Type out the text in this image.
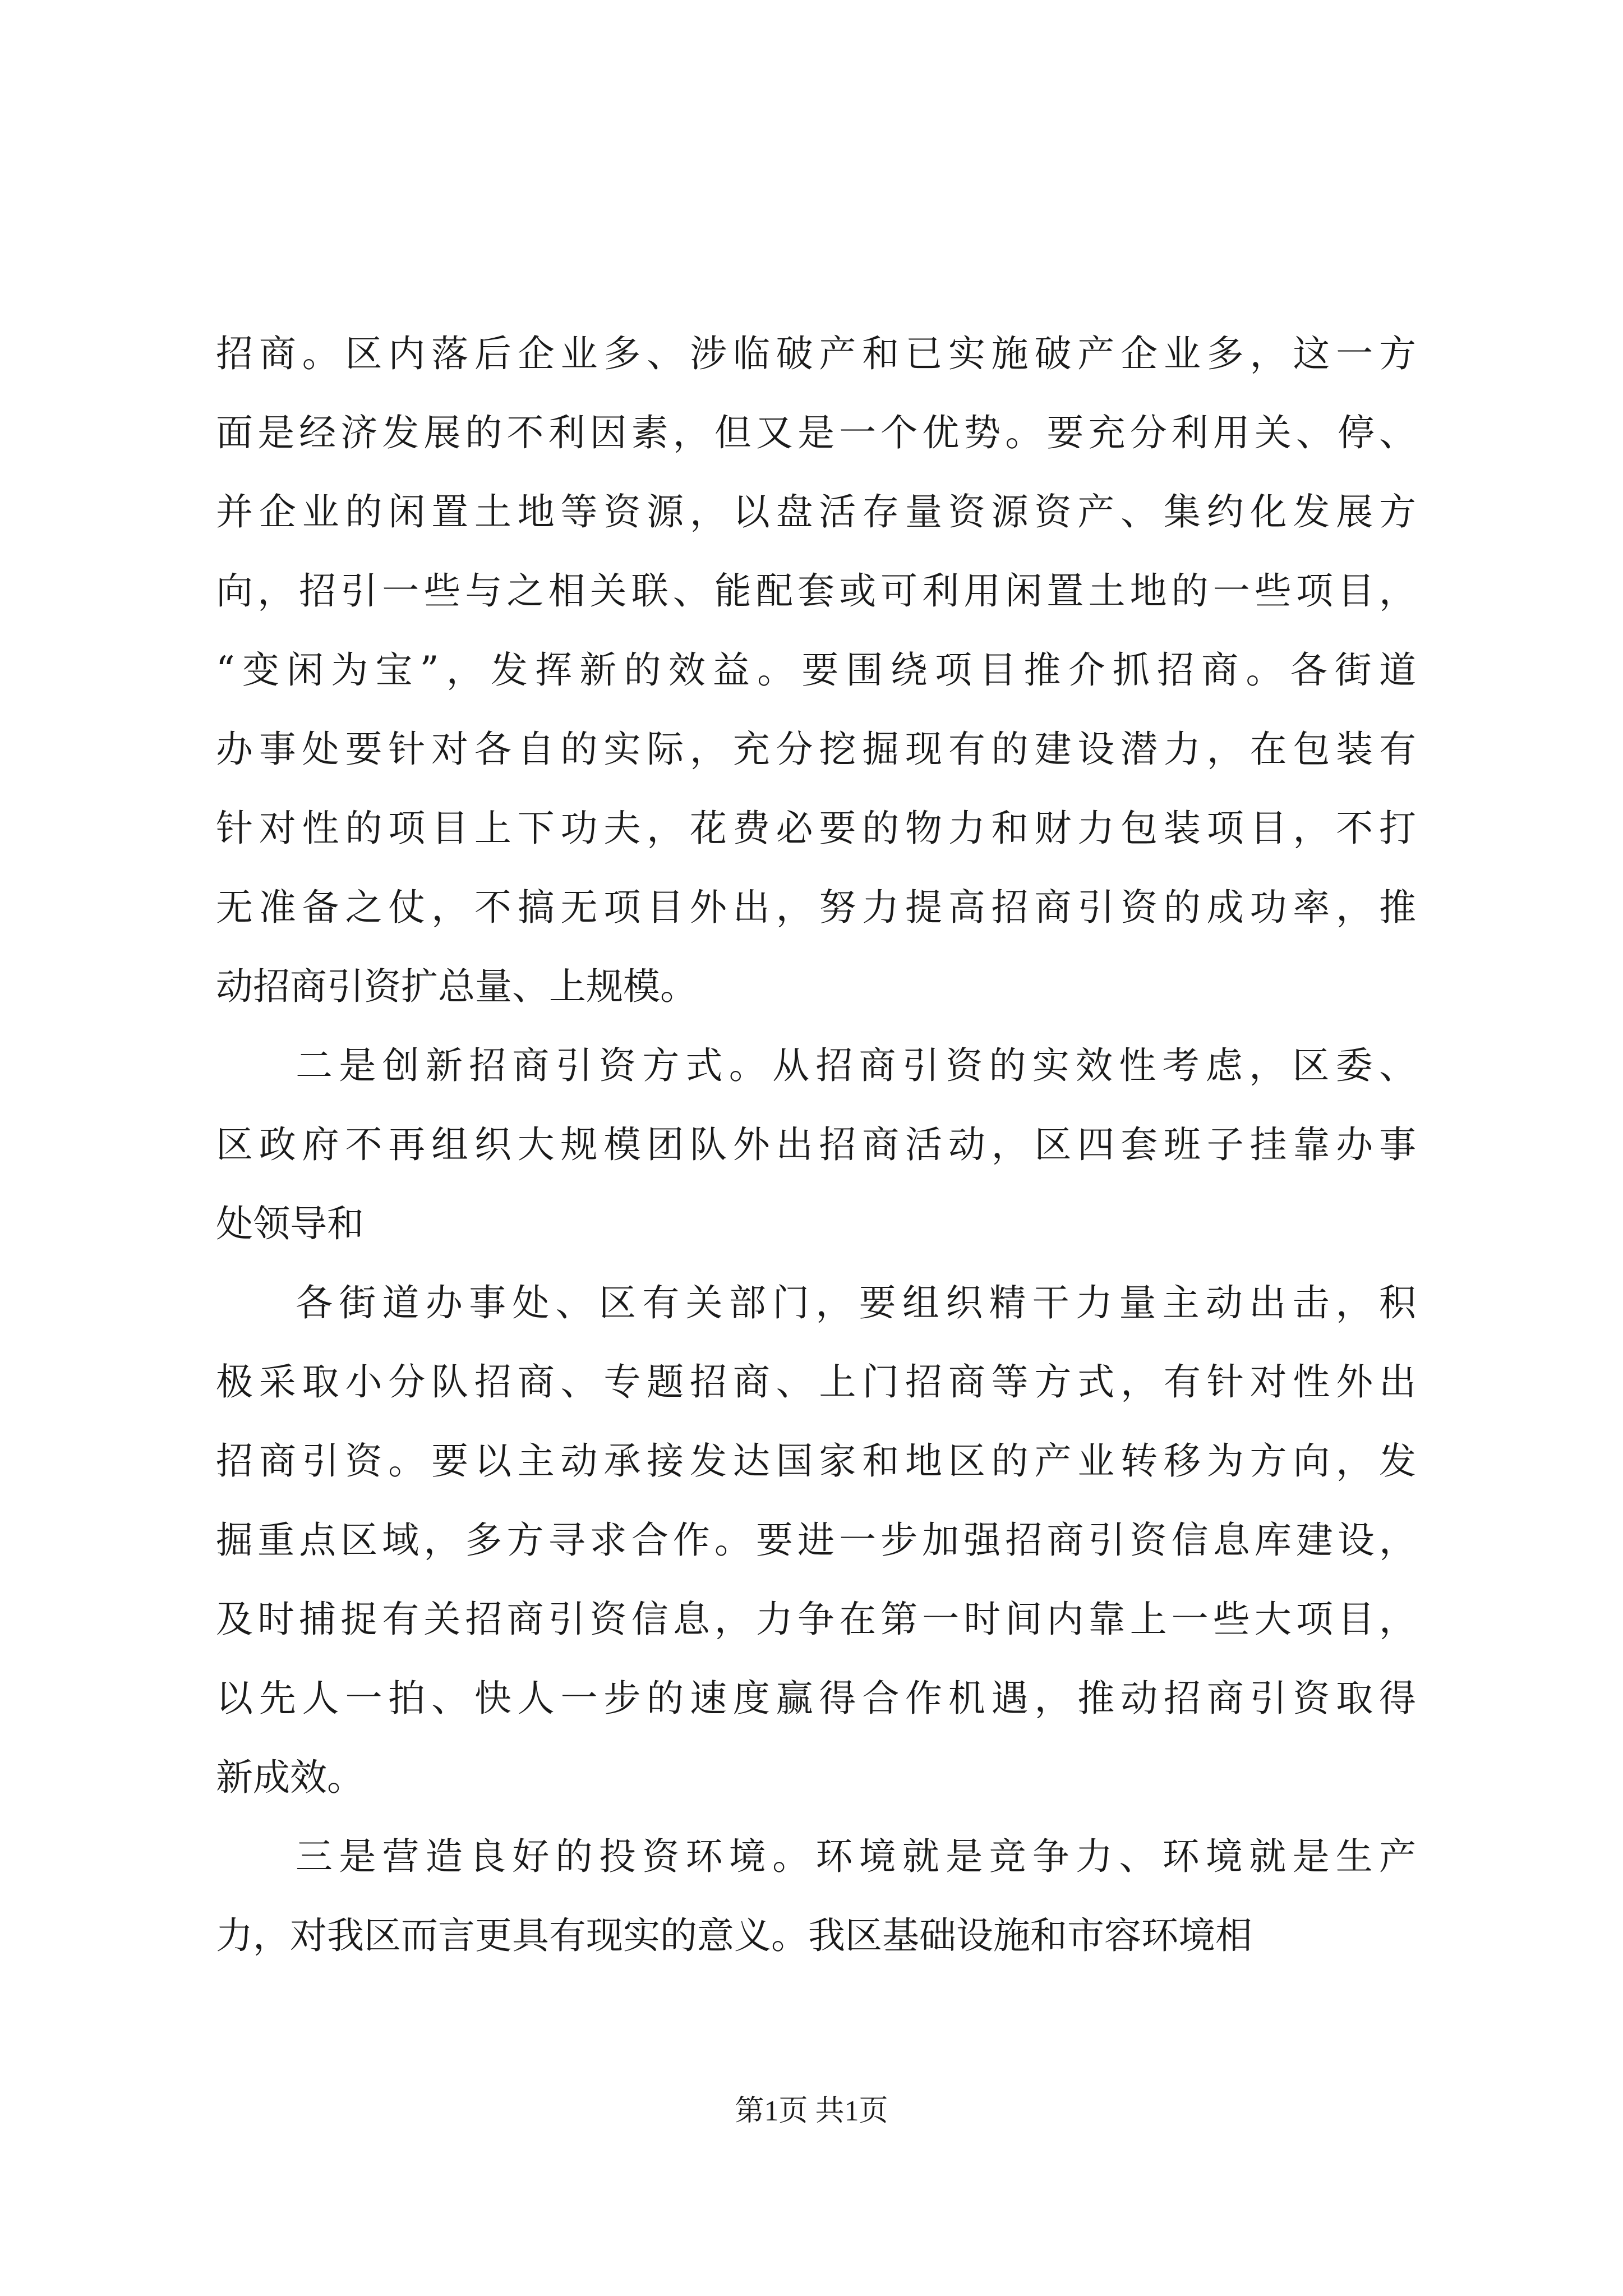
招商。区内落后企业多、涉临破产和已实施破产企业多，这一方
面是经济发展的不利因素，但又是一个优势。要充分利用关、停、
并企业的闲置土地等资源，以盘活存量资源资产、集约化发展方
向，招引一些与之相关联、能配套或可利用闲置土地的一些项目，
“变闲为宝”，发挥新的效益。要围绕项目推介抓招商。各街道
办事处要针对各自的实际，充分挖掘现有的建设潜力，在包装有
针对性的项目上下功夫，花费必要的物力和财力包装项目，不打
无准备之仗，不搞无项目外出，努力提高招商引资的成功率，推
动招商引资扩总量、上规模。
二是创新招商引资方式。从招商引资的实效性考虑，区委、
区政府不再组织大规模团队外出招商活动，区四套班子挂靠办事
处领导和
各街道办事处、区有关部门，要组织精干力量主动出击，积
极采取小分队招商、专题招商、上门招商等方式，有针对性外出
招商引资。要以主动承接发达国家和地区的产业转移为方向，发
掘重点区域，多方寻求合作。要进一步加强招商引资信息库建设，
及时捕捉有关招商引资信息，力争在第一时间内靠上一些大项目，
以先人一拍、快人一步的速度赢得合作机遇，推动招商引资取得
新成效。
三是营造良好的投资环境。环境就是竞争力、环境就是生产
力，对我区而言更具有现实的意义。我区基础设施和市容环境相
第1页 共1页
